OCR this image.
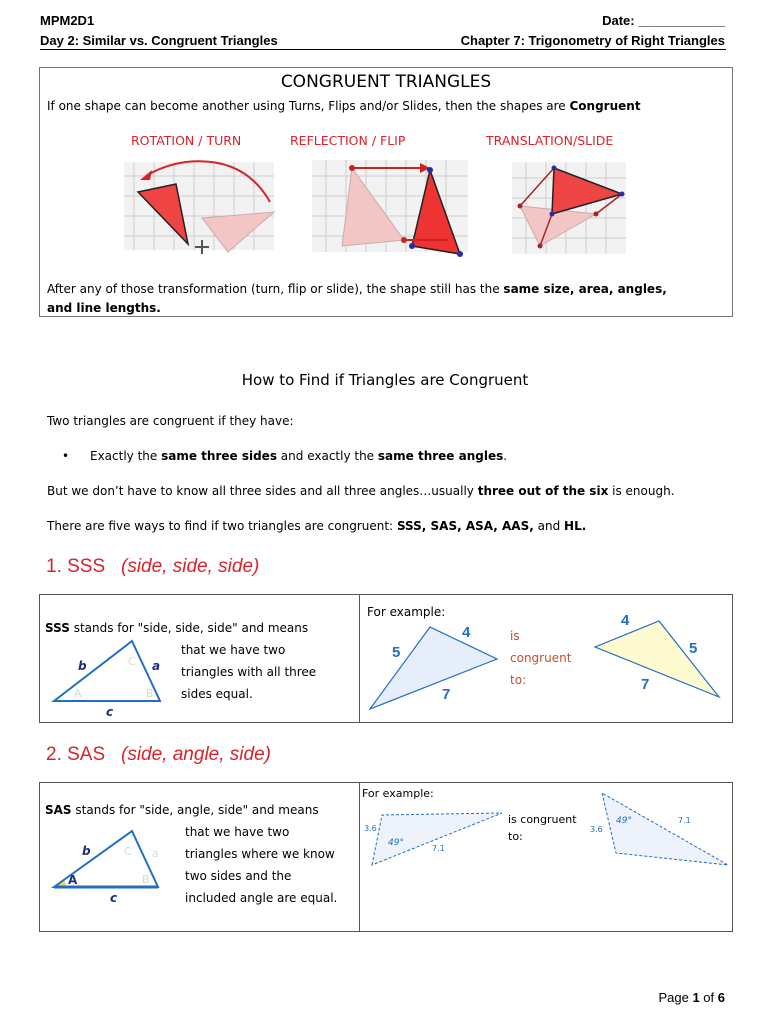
MPM2D1	Date: ____________
Day 2: Similar vs. Congruent Triangles	Chapter 7: Trigonometry of Right Triangles
CONGRUENT TRIANGLES
If one shape can become another using Turns, Flips and/or Slides, then the shapes are Congruent
ROTATION / TURN	REFLECTION / FLIP	TRANSLATION/SLIDE
After any of those transformation (turn, flip or slide), the shape still has the same size, area, angles,
and line lengths.
How to Find if Triangles are Congruent
Two triangles are congruent if they have:
• Exactly the same three sides and exactly the same three angles.
But we don’t have to know all three sides and all three angles…usually three out of the six is enough.
There are five ways to find if two triangles are congruent: SSS, SAS, ASA, AAS, and HL.
1. SSS (side, side, side)
SSS stands for "side, side, side" and means
that we have two
triangles with all three
sides equal.
b	a
c
C
A	B
For example:
5
4
7
is
congruent
to:
4
5
7
2. SAS (side, angle, side)
SAS stands for "side, angle, side" and means
that we have two
triangles where we know
two sides and the
included angle are equal.
b	a
c
C
A	B
For example:
3.6
49°
7.1
is congruent
to:
3.6
49°	7.1
Page 1 of 6
